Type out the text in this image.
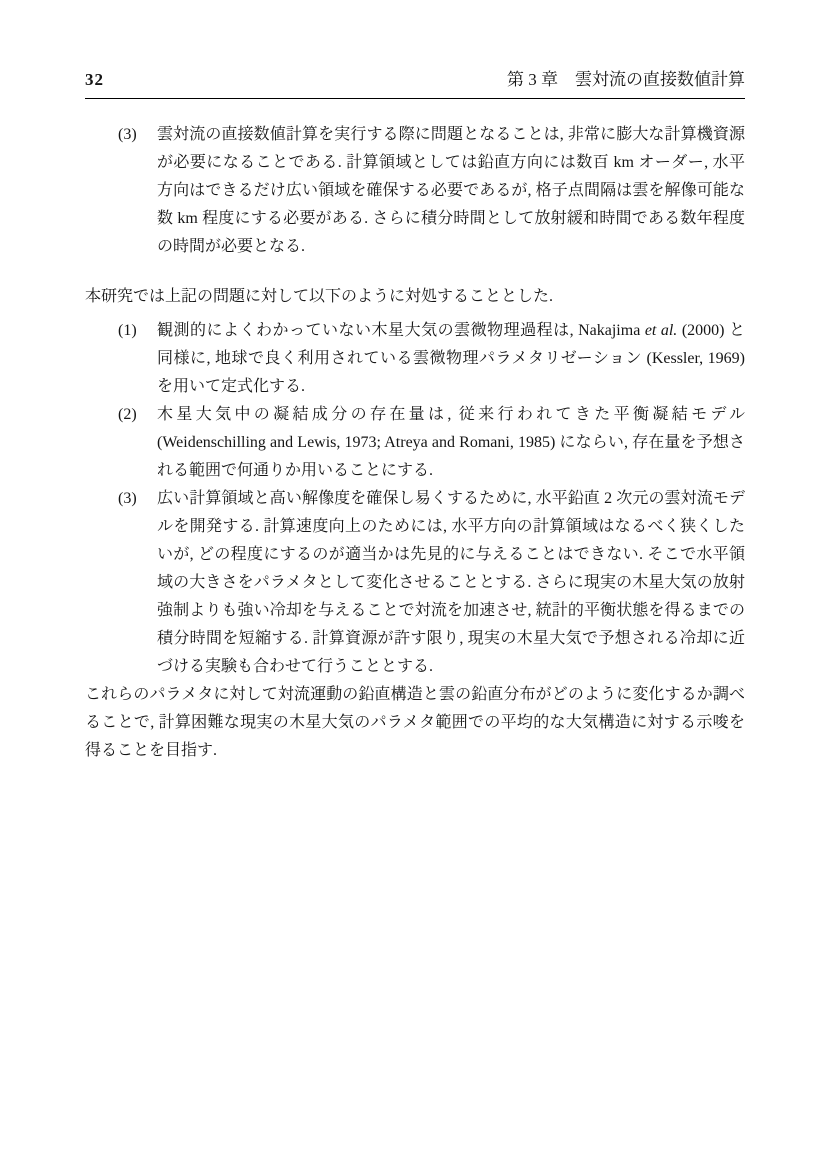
32	第 3 章　雲対流の直接数値計算
(3) 雲対流の直接数値計算を実行する際に問題となることは, 非常に膨大な計算機資源が必要になることである. 計算領域としては鉛直方向には数百 km オーダー, 水平方向はできるだけ広い領域を確保する必要であるが, 格子点間隔は雲を解像可能な数 km 程度にする必要がある. さらに積分時間として放射緩和時間である数年程度の時間が必要となる.

本研究では上記の問題に対して以下のように対処することとした.

(1) 観測的によくわかっていない木星大気の雲微物理過程は, Nakajima et al. (2000) と同様に, 地球で良く利用されている雲微物理パラメタリゼーション (Kessler, 1969) を用いて定式化する.
(2) 木星大気中の凝結成分の存在量は, 従来行われてきた平衡凝結モデル (Weidenschilling and Lewis, 1973; Atreya and Romani, 1985) にならい, 存在量を予想される範囲で何通りか用いることにする.
(3) 広い計算領域と高い解像度を確保し易くするために, 水平鉛直 2 次元の雲対流モデルを開発する. 計算速度向上のためには, 水平方向の計算領域はなるべく狭くしたいが, どの程度にするのが適当かは先見的に与えることはできない. そこで水平領域の大きさをパラメタとして変化させることとする. さらに現実の木星大気の放射強制よりも強い冷却を与えることで対流を加速させ, 統計的平衡状態を得るまでの積分時間を短縮する. 計算資源が許す限り, 現実の木星大気で予想される冷却に近づける実験も合わせて行うこととする.

これらのパラメタに対して対流運動の鉛直構造と雲の鉛直分布がどのように変化するか調べることで, 計算困難な現実の木星大気のパラメタ範囲での平均的な大気構造に対する示唆を得ることを目指す.
